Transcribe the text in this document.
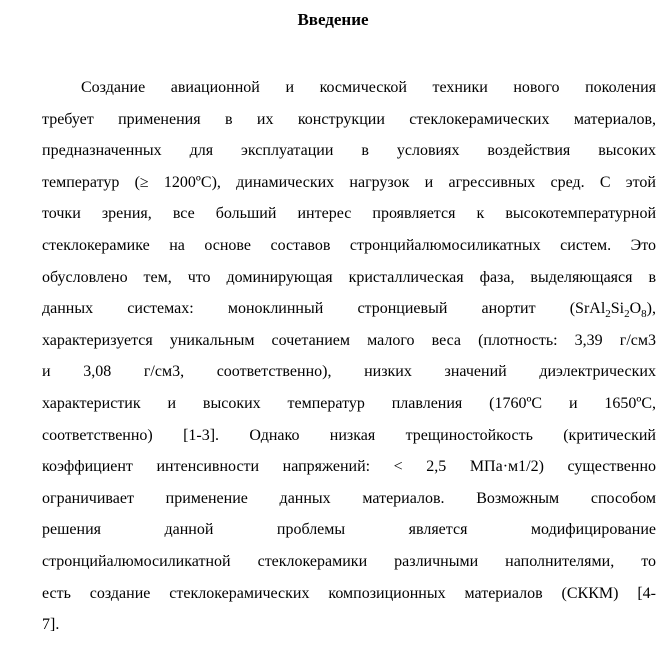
Введение
Создание авиационной и космической техники нового поколения
требует применения в их конструкции стеклокерамических материалов,
предназначенных для эксплуатации в условиях воздействия высоких
температур (≥ 1200ºС), динамических нагрузок и агрессивных сред. С этой
точки зрения, все больший интерес проявляется к высокотемпературной
стеклокерамике на основе составов стронцийалюмосиликатных систем. Это
обусловлено тем, что доминирующая кристаллическая фаза, выделяющаяся в
данных системах: моноклинный стронциевый анортит $(SrAl_2Si_2O_8)$,
характеризуется уникальным сочетанием малого веса (плотность: 3,39 г/см3
и 3,08 г/см3, соответственно), низких значений диэлектрических
характеристик и высоких температур плавления (1760ºС и 1650ºС,
соответственно) [1-3]. Однако низкая трещиностойкость (критический
коэффициент интенсивности напряжений: < 2,5 МПа·м1/2) существенно
ограничивает применение данных материалов. Возможным способом
решения данной проблемы является модифицирование
стронцийалюмосиликатной стеклокерамики различными наполнителями, то
есть создание стеклокерамических композиционных материалов (СККМ) [4-
7].
